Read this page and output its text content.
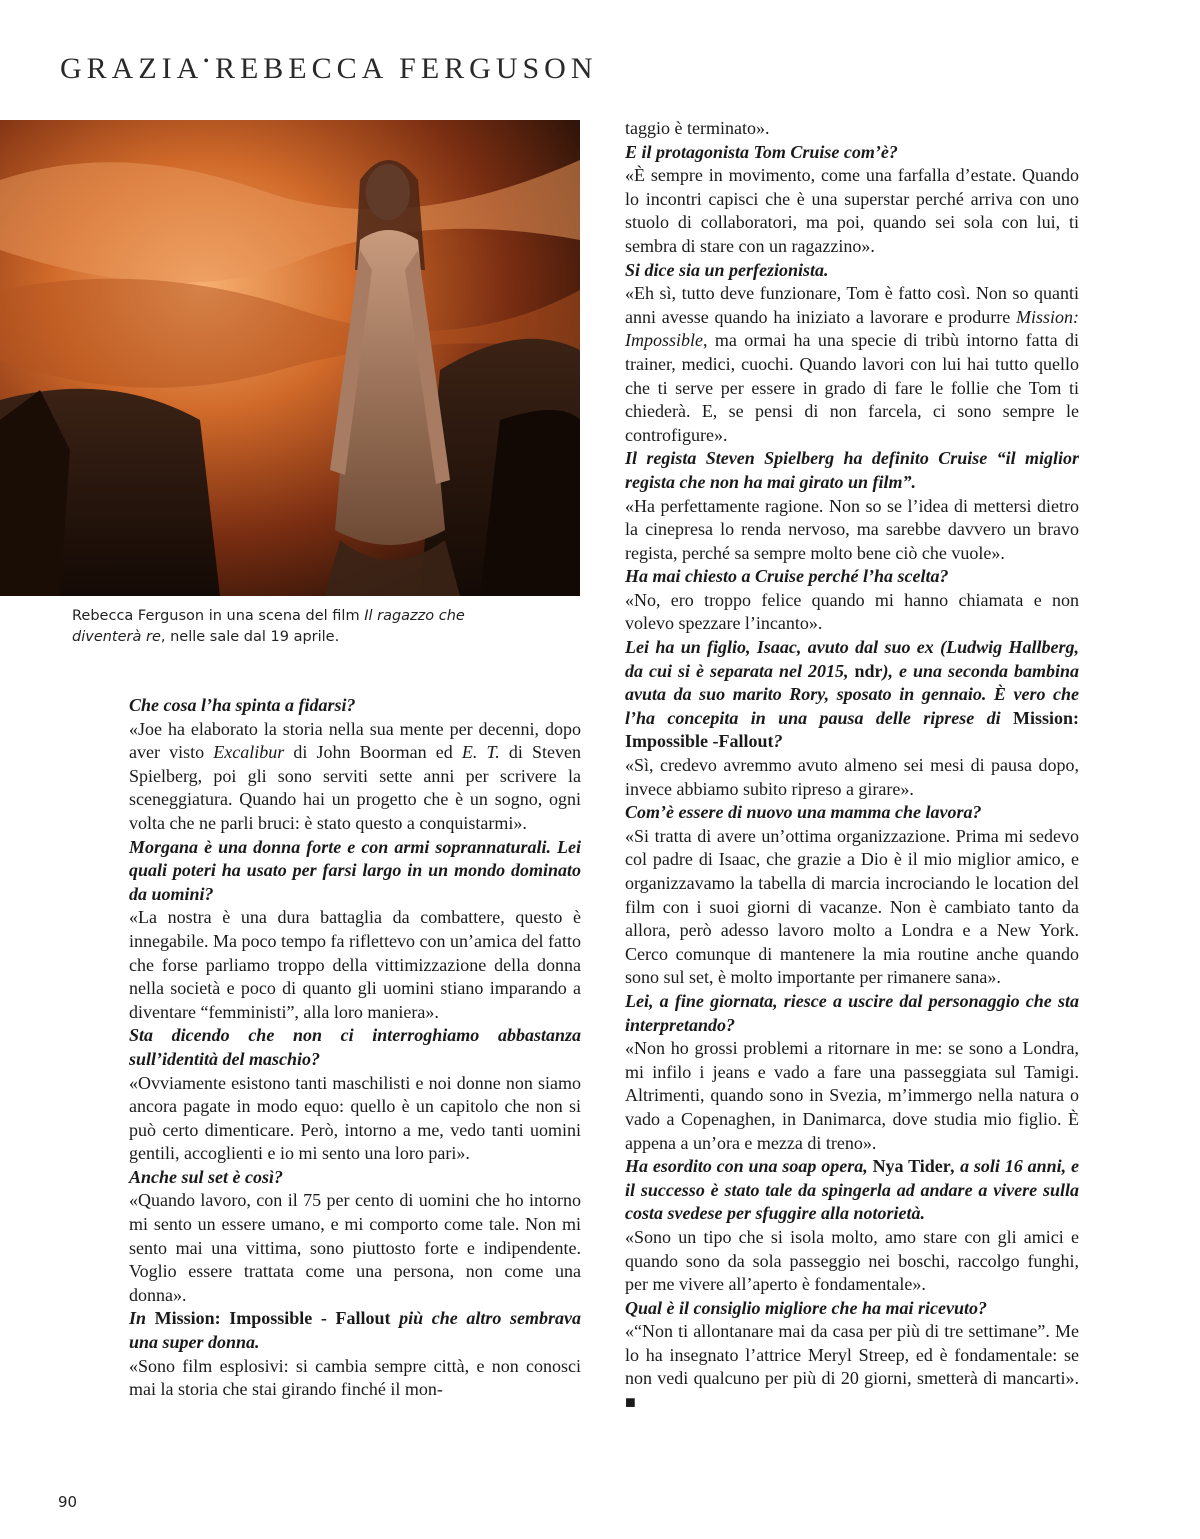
GRAZIA• REBECCA FERGUSON
Rebecca Ferguson in una scena del film Il ragazzo che diventerà re, nelle sale dal 19 aprile.

Che cosa l’ha spinta a fidarsi?

«Joe ha elaborato la storia nella sua mente per decenni, dopo aver visto Excalibur di John Boorman ed E. T. di Steven Spielberg, poi gli sono serviti sette anni per scrivere la sceneggiatura. Quando hai un progetto che è un sogno, ogni volta che ne parli bruci: è stato questo a conquistarmi».

Morgana è una donna forte e con armi soprannaturali. Lei quali poteri ha usato per farsi largo in un mondo dominato da uomini?

«La nostra è una dura battaglia da combattere, questo è innegabile. Ma poco tempo fa riflettevo con un’amica del fatto che forse parliamo troppo della vittimizzazione della donna nella società e poco di quanto gli uomini stiano imparando a diventare “femministi”, alla loro maniera».

Sta dicendo che non ci interroghiamo abbastanza sull’identità del maschio?

«Ovviamente esistono tanti maschilisti e noi donne non siamo ancora pagate in modo equo: quello è un capitolo che non si può certo dimenticare. Però, intorno a me, vedo tanti uomini gentili, accoglienti e io mi sento una loro pari».

Anche sul set è così?

«Quando lavoro, con il 75 per cento di uomini che ho intorno mi sento un essere umano, e mi comporto come tale. Non mi sento mai una vittima, sono piuttosto forte e indipendente. Voglio essere trattata come una persona, non come una donna».

In Mission: Impossible - Fallout più che altro sembrava una super donna.

«Sono film esplosivi: si cambia sempre città, e non conosci mai la storia che stai girando finché il mon-

taggio è terminato».

E il protagonista Tom Cruise com’è?

«È sempre in movimento, come una farfalla d’estate. Quando lo incontri capisci che è una superstar perché arriva con uno stuolo di collaboratori, ma poi, quando sei sola con lui, ti sembra di stare con un ragazzino».

Si dice sia un perfezionista.

«Eh sì, tutto deve funzionare, Tom è fatto così. Non so quanti anni avesse quando ha iniziato a lavorare e produrre Mission: Impossible, ma ormai ha una specie di tribù intorno fatta di trainer, medici, cuochi. Quando lavori con lui hai tutto quello che ti serve per essere in grado di fare le follie che Tom ti chiederà. E, se pensi di non farcela, ci sono sempre le controfigure».

Il regista Steven Spielberg ha definito Cruise “il miglior regista che non ha mai girato un film”.

«Ha perfettamente ragione. Non so se l’idea di mettersi dietro la cinepresa lo renda nervoso, ma sarebbe davvero un bravo regista, perché sa sempre molto bene ciò che vuole».

Ha mai chiesto a Cruise perché l’ha scelta?

«No, ero troppo felice quando mi hanno chiamata e non volevo spezzare l’incanto».

Lei ha un figlio, Isaac, avuto dal suo ex (Ludwig Hallberg, da cui si è separata nel 2015, ndr), e una seconda bambina avuta da suo marito Rory, sposato in gennaio. È vero che l’ha concepita in una pausa delle riprese di Mission: Impossible -Fallout?

«Sì, credevo avremmo avuto almeno sei mesi di pausa dopo, invece abbiamo subito ripreso a girare».

Com’è essere di nuovo una mamma che lavora?

«Si tratta di avere un’ottima organizzazione. Prima mi sedevo col padre di Isaac, che grazie a Dio è il mio miglior amico, e organizzavamo la tabella di marcia incrociando le location del film con i suoi giorni di vacanze. Non è cambiato tanto da allora, però adesso lavoro molto a Londra e a New York. Cerco comunque di mantenere la mia routine anche quando sono sul set, è molto importante per rimanere sana».

Lei, a fine giornata, riesce a uscire dal personaggio che sta interpretando?

«Non ho grossi problemi a ritornare in me: se sono a Londra, mi infilo i jeans e vado a fare una passeggiata sul Tamigi. Altrimenti, quando sono in Svezia, m’immergo nella natura o vado a Copenaghen, in Danimarca, dove studia mio figlio. È appena a un’ora e mezza di treno».

Ha esordito con una soap opera, Nya Tider, a soli 16 anni, e il successo è stato tale da spingerla ad andare a vivere sulla costa svedese per sfuggire alla notorietà.

«Sono un tipo che si isola molto, amo stare con gli amici e quando sono da sola passeggio nei boschi, raccolgo funghi, per me vivere all’aperto è fondamentale».

Qual è il consiglio migliore che ha mai ricevuto?

«“Non ti allontanare mai da casa per più di tre settimane”. Me lo ha insegnato l’attrice Meryl Streep, ed è fondamentale: se non vedi qualcuno per più di 20 giorni, smetterà di mancarti». ■

90
